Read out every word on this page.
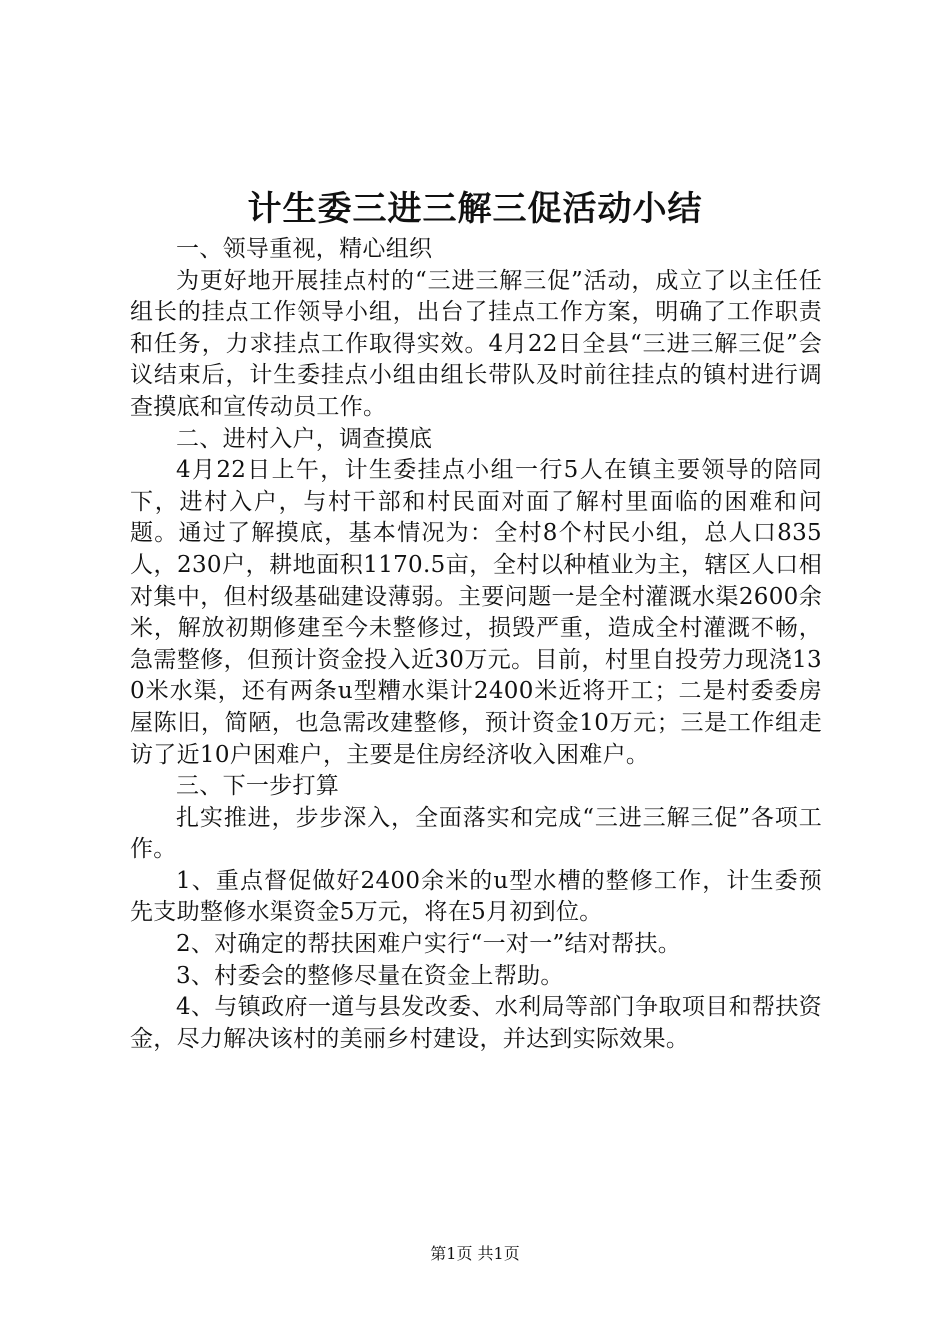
计生委三进三解三促活动小结

一、领导重视，精心组织

为更好地开展挂点村的“三进三解三促”活动，成立了以主任任组长的挂点工作领导小组，出台了挂点工作方案，明确了工作职责和任务，力求挂点工作取得实效。4月22日全县“三进三解三促”会议结束后，计生委挂点小组由组长带队及时前往挂点的镇村进行调查摸底和宣传动员工作。

二、进村入户，调查摸底

4月22日上午，计生委挂点小组一行5人在镇主要领导的陪同下，进村入户，与村干部和村民面对面了解村里面临的困难和问题。通过了解摸底，基本情况为：全村8个村民小组，总人口835人，230户，耕地面积1170.5亩，全村以种植业为主，辖区人口相对集中，但村级基础建设薄弱。主要问题一是全村灌溉水渠2600余米，解放初期修建至今未整修过，损毁严重，造成全村灌溉不畅，急需整修，但预计资金投入近30万元。目前，村里自投劳力现浇130米水渠，还有两条u型糟水渠计2400米近将开工；二是村委委房屋陈旧，简陋，也急需改建整修，预计资金10万元；三是工作组走访了近10户困难户，主要是住房经济收入困难户。

三、下一步打算

扎实推进，步步深入，全面落实和完成“三进三解三促”各项工作。

1、重点督促做好2400余米的u型水槽的整修工作，计生委预先支助整修水渠资金5万元，将在5月初到位。

2、对确定的帮扶困难户实行“一对一”结对帮扶。

3、村委会的整修尽量在资金上帮助。

4、与镇政府一道与县发改委、水利局等部门争取项目和帮扶资金，尽力解决该村的美丽乡村建设，并达到实际效果。

第1页 共1页
